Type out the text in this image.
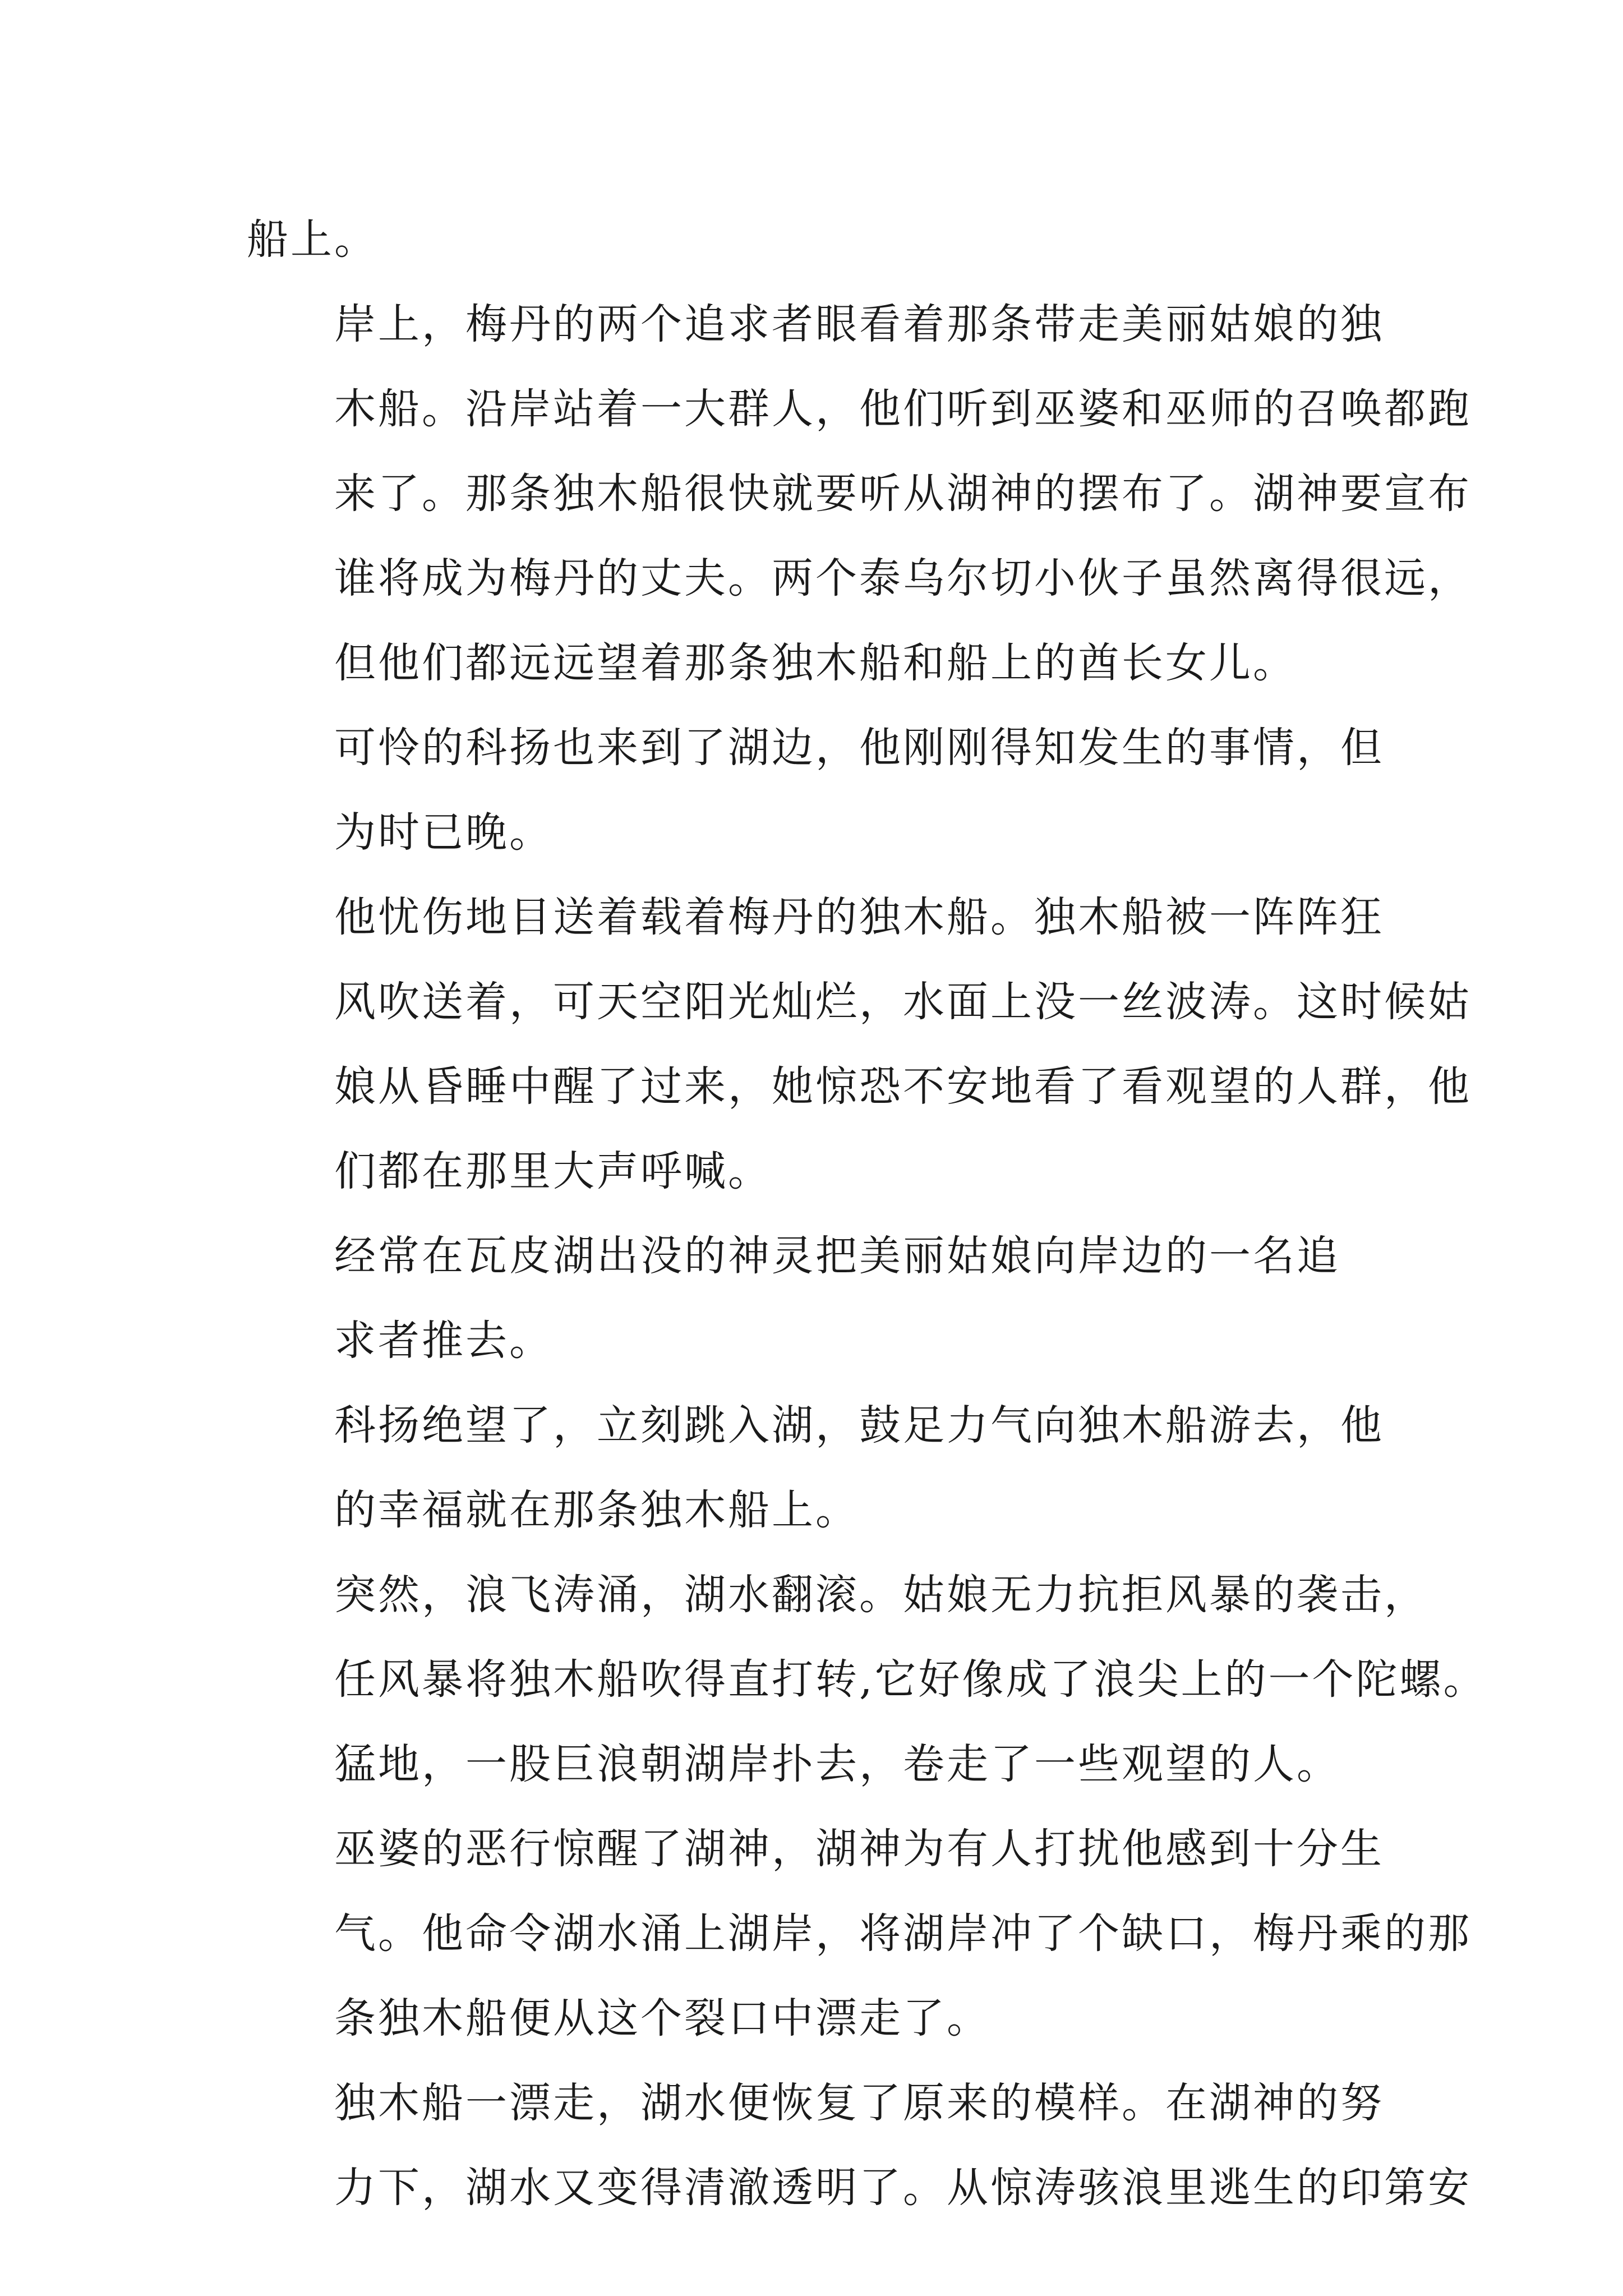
船上。

岸上，梅丹的两个追求者眼看着那条带走美丽姑娘的独
木船。沿岸站着一大群人，他们听到巫婆和巫师的召唤都跑
来了。那条独木船很快就要听从湖神的摆布了。湖神要宣布
谁将成为梅丹的丈夫。两个泰乌尔切小伙子虽然离得很远，
但他们都远远望着那条独木船和船上的酋长女儿。

可怜的科扬也来到了湖边，他刚刚得知发生的事情，但
为时已晚。

他忧伤地目送着载着梅丹的独木船。独木船被一阵阵狂
风吹送着，可天空阳光灿烂，水面上没一丝波涛。这时候姑
娘从昏睡中醒了过来，她惊恐不安地看了看观望的人群，他
们都在那里大声呼喊。

经常在瓦皮湖出没的神灵把美丽姑娘向岸边的一名追
求者推去。

科扬绝望了，立刻跳入湖，鼓足力气向独木船游去，他
的幸福就在那条独木船上。

突然，浪飞涛涌，湖水翻滚。姑娘无力抗拒风暴的袭击，
任风暴将独木船吹得直打转,它好像成了浪尖上的一个陀螺。
猛地，一股巨浪朝湖岸扑去，卷走了一些观望的人。

巫婆的恶行惊醒了湖神，湖神为有人打扰他感到十分生
气。他命令湖水涌上湖岸，将湖岸冲了个缺口，梅丹乘的那
条独木船便从这个裂口中漂走了。

独木船一漂走，湖水便恢复了原来的模样。在湖神的努
力下，湖水又变得清澈透明了。从惊涛骇浪里逃生的印第安
